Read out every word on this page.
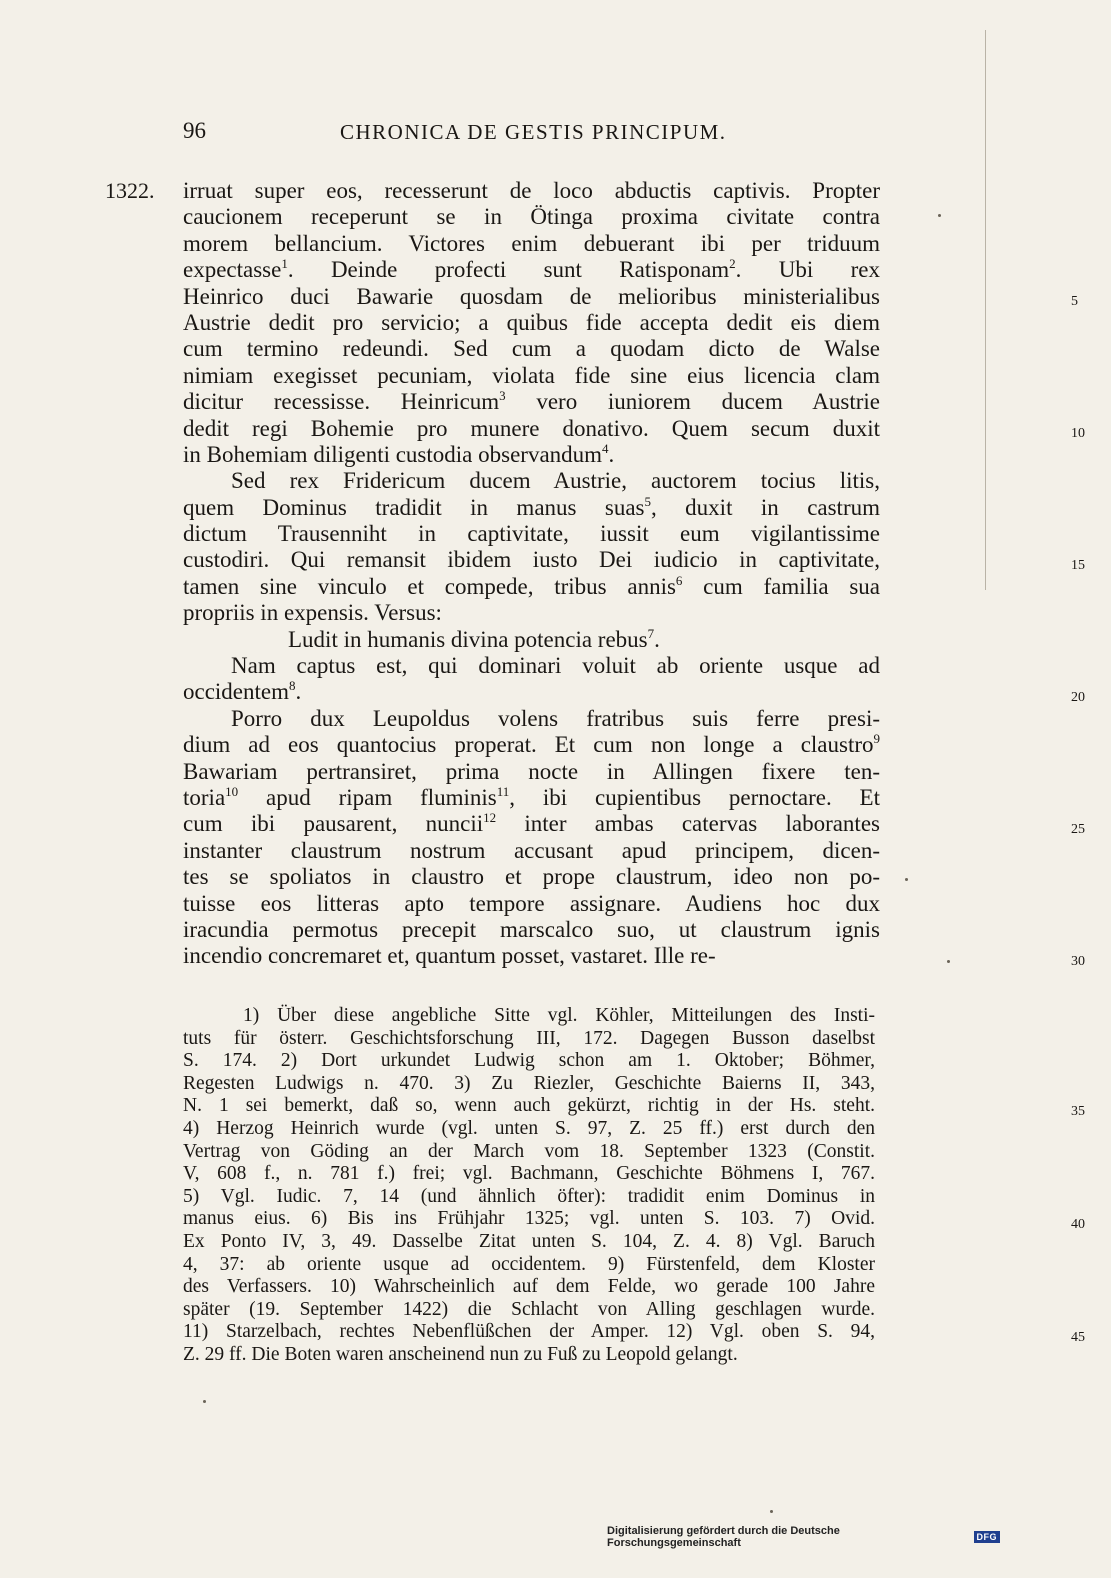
96	CHRONICA DE GESTIS PRINCIPUM.
1322.
5
10
15
20
25
30
35
40
45
irruat super eos, recesserunt de loco abductis captivis. Propter
caucionem receperunt se in Ötinga proxima civitate contra
morem bellancium. Victores enim debuerant ibi per triduum
expectasse$^1$. Deinde profecti sunt Ratisponam$^2$. Ubi rex
Heinrico duci Bawarie quosdam de melioribus ministerialibus
Austrie dedit pro servicio; a quibus fide accepta dedit eis diem
cum termino redeundi. Sed cum a quodam dicto de Walse
nimiam exegisset pecuniam, violata fide sine eius licencia clam
dicitur recessisse. Heinricum$^3$ vero iuniorem ducem Austrie
dedit regi Bohemie pro munere donativo. Quem secum duxit
in Bohemiam diligenti custodia observandum$^4$.
Sed rex Fridericum ducem Austrie, auctorem tocius litis,
quem Dominus tradidit in manus suas$^5$, duxit in castrum
dictum Trausenniht in captivitate, iussit eum vigilantissime
custodiri. Qui remansit ibidem iusto Dei iudicio in captivitate,
tamen sine vinculo et compede, tribus annis$^6$ cum familia sua
propriis in expensis. Versus:
Ludit in humanis divina potencia rebus$^7$.
Nam captus est, qui dominari voluit ab oriente usque ad
occidentem$^8$.
Porro dux Leupoldus volens fratribus suis ferre presi-
dium ad eos quantocius properat. Et cum non longe a claustro$^9$
Bawariam pertransiret, prima nocte in Allingen fixere ten-
toria$^{10}$ apud ripam fluminis$^{11}$, ibi cupientibus pernoctare. Et
cum ibi pausarent, nuncii$^{12}$ inter ambas catervas laborantes
instanter claustrum nostrum accusant apud principem, dicen-
tes se spoliatos in claustro et prope claustrum, ideo non po-
tuisse eos litteras apto tempore assignare. Audiens hoc dux
iracundia permotus precepit marscalco suo, ut claustrum ignis
incendio concremaret et, quantum posset, vastaret. Ille re-
1) Über diese angebliche Sitte vgl. Köhler, Mitteilungen des Insti-
tuts für österr. Geschichtsforschung III, 172. Dagegen Busson daselbst
S. 174. 2) Dort urkundet Ludwig schon am 1. Oktober; Böhmer,
Regesten Ludwigs n. 470. 3) Zu Riezler, Geschichte Baierns II, 343,
N. 1 sei bemerkt, daß so, wenn auch gekürzt, richtig in der Hs. steht.
4) Herzog Heinrich wurde (vgl. unten S. 97, Z. 25 ff.) erst durch den
Vertrag von Göding an der March vom 18. September 1323 (Constit.
V, 608 f., n. 781 f.) frei; vgl. Bachmann, Geschichte Böhmens I, 767.
5) Vgl. Iudic. 7, 14 (und ähnlich öfter): tradidit enim Dominus in
manus eius. 6) Bis ins Frühjahr 1325; vgl. unten S. 103. 7) Ovid.
Ex Ponto IV, 3, 49. Dasselbe Zitat unten S. 104, Z. 4. 8) Vgl. Baruch
4, 37: ab oriente usque ad occidentem. 9) Fürstenfeld, dem Kloster
des Verfassers. 10) Wahrscheinlich auf dem Felde, wo gerade 100 Jahre
später (19. September 1422) die Schlacht von Alling geschlagen wurde.
11) Starzelbach, rechtes Nebenflüßchen der Amper. 12) Vgl. oben S. 94,
Z. 29 ff. Die Boten waren anscheinend nun zu Fuß zu Leopold gelangt.
Digitalisierung gefördert durch die Deutsche Forschungsgemeinschaft	DFG
